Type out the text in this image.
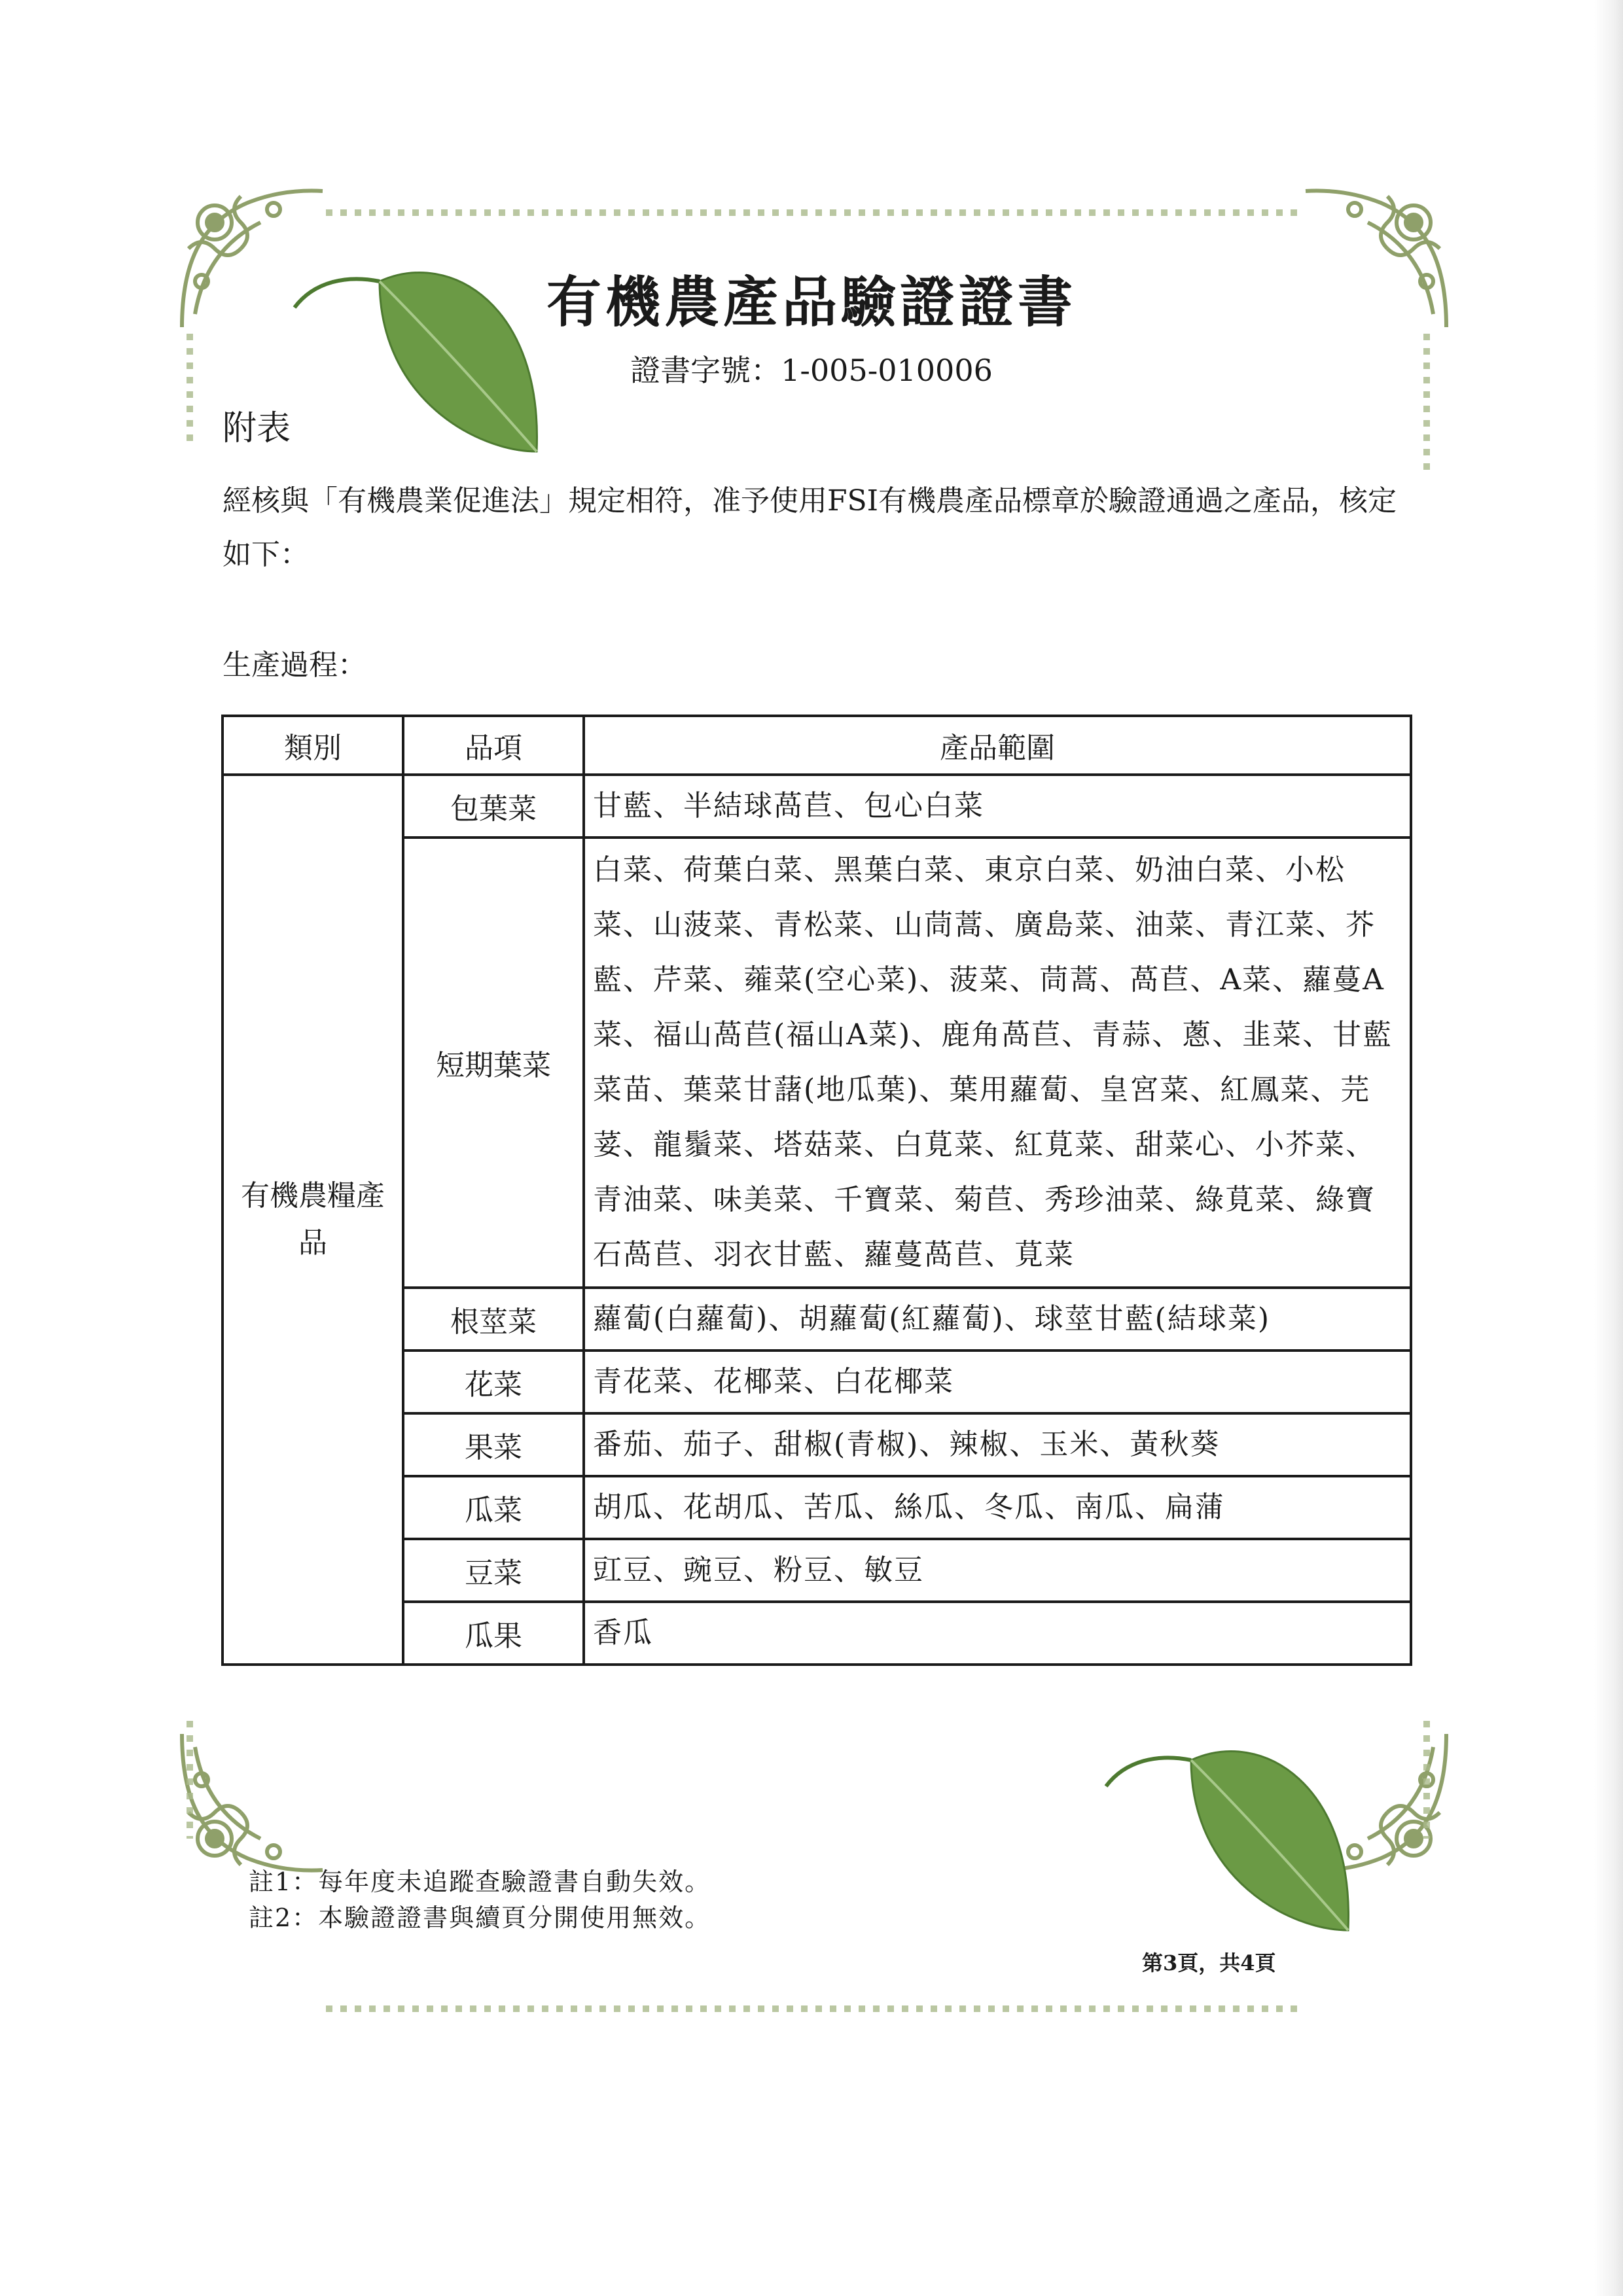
有機農產品驗證證書
證書字號：1-005-010006
附表
經核與「有機農業促進法」規定相符，准予使用FSI有機農產品標章於驗證通過之產品，核定如下：
生產過程：
類別	品項	產品範圍
有機農糧產品	包葉菜	甘藍、半結球萵苣、包心白菜
	短期葉菜	白菜、荷葉白菜、黑葉白菜、東京白菜、奶油白菜、小松菜、山菠菜、青松菜、山茼蒿、廣島菜、油菜、青江菜、芥藍、芹菜、蕹菜(空心菜)、菠菜、茼蒿、萵苣、A菜、蘿蔓A菜、福山萵苣(福山A菜)、鹿角萵苣、青蒜、蔥、韭菜、甘藍菜苗、葉菜甘藷(地瓜葉)、葉用蘿蔔、皇宮菜、紅鳳菜、芫荽、龍鬚菜、塔菇菜、白莧菜、紅莧菜、甜菜心、小芥菜、青油菜、味美菜、千寶菜、菊苣、秀珍油菜、綠莧菜、綠寶石萵苣、羽衣甘藍、蘿蔓萵苣、莧菜
	根莖菜	蘿蔔(白蘿蔔)、胡蘿蔔(紅蘿蔔)、球莖甘藍(結球菜)
	花菜	青花菜、花椰菜、白花椰菜
	果菜	番茄、茄子、甜椒(青椒)、辣椒、玉米、黃秋葵
	瓜菜	胡瓜、花胡瓜、苦瓜、絲瓜、冬瓜、南瓜、扁蒲
	豆菜	豇豆、豌豆、粉豆、敏豆
	瓜果	香瓜
註1：每年度未追蹤查驗證書自動失效。
註2：本驗證證書與續頁分開使用無效。
第3頁，共4頁
